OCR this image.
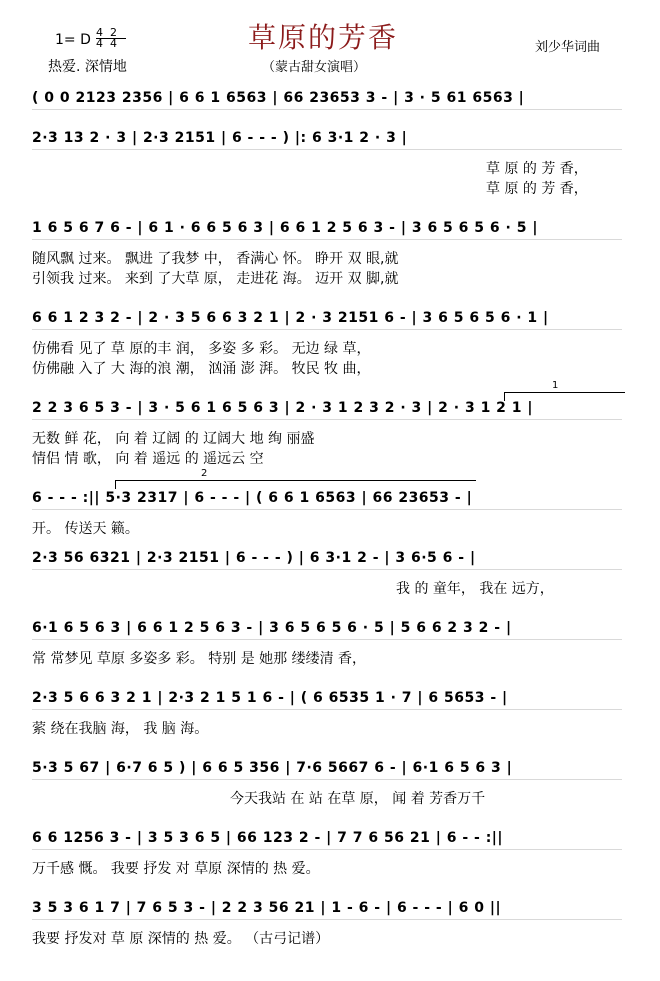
1= D 4  2
4  4
热爱. 深情地
草原的芳香
（蒙古甜女演唱）
刘少华词曲
( 0 0 2123 2356 | 6 6 1 6563 | 66 23653 3 - | 3 · 5 61 6563 |
2·3 13 2 · 3 | 2·3 2151 | 6 - - - ) |: 6 3·1 2 · 3 |
草 原 的 芳 香，
草 原 的 芳 香，
1 6 5 6 7 6 - | 6 1 · 6 6 5 6 3 | 6 6 1 2 5 6 3 - | 3 6 5 6 5 6 · 5 |
随风飘 过来。 飘进 了我梦 中， 香满心 怀。 睁开 双 眼,就
引领我 过来。 来到 了大草 原， 走进花 海。 迈开 双 脚,就
6 6 1 2 3 2 - | 2 · 3 5 6 6 3 2 1 | 2 · 3 2151 6 - | 3 6 5 6 5 6 · 1 |
仿佛看 见了 草 原的丰 润， 多姿 多 彩。 无边 绿 草，
仿佛融 入了 大 海的浪 潮， 汹涌 澎 湃。 牧民 牧 曲，
2 2 3 6 5 3 - | 3 · 5 6 1 6 5 6 3 | 2 · 3 1 2 3 2 · 3 | 2 · 3 1 2 1 |
无数 鲜 花， 向 着 辽阔 的 辽阔大 地 绚 丽盛
情侣 情 歌， 向 着 遥远 的 遥远云 空
6 - - - :|| 5·3 2317 | 6 - - - | ( 6 6 1 6563 | 66 23653 - |
开。 传送天 籁。
2·3 56 6321 | 2·3 2151 | 6 - - - ) | 6 3·1 2 - | 3 6·5 6 - |
我 的 童年， 我在 远方，
6·1 6 5 6 3 | 6 6 1 2 5 6 3 - | 3 6 5 6 5 6 · 5 | 5 6 6 2 3 2 - |
常 常梦见 草原 多姿多 彩。 特别 是 她那 缕缕清 香，
2·3 5 6 6 3 2 1 | 2·3 2 1 5 1 6 - | ( 6 6535 1 · 7 | 6 5653 - |
萦 绕在我脑 海， 我 脑 海。
5·3 5 67 | 6·7 6 5 ) | 6 6 5 356 | 7·6 5667 6 - | 6·1 6 5 6 3 |
今天我站 在 站 在草 原， 闻 着 芳香万千
6 6 1256 3 - | 3 5 3 6 5 | 66 123 2 - | 7 7 6 56 21 | 6 - - :||
万千感 慨。 我要 抒发 对 草原 深情的 热 爱。
3 5 3 6 1 7 | 7 6 5 3 - | 2 2 3 56 21 | 1 - 6 - | 6 - - - | 6 0 ||
我要 抒发对 草 原 深情的 热 爱。 （古弓记谱）
1
2
